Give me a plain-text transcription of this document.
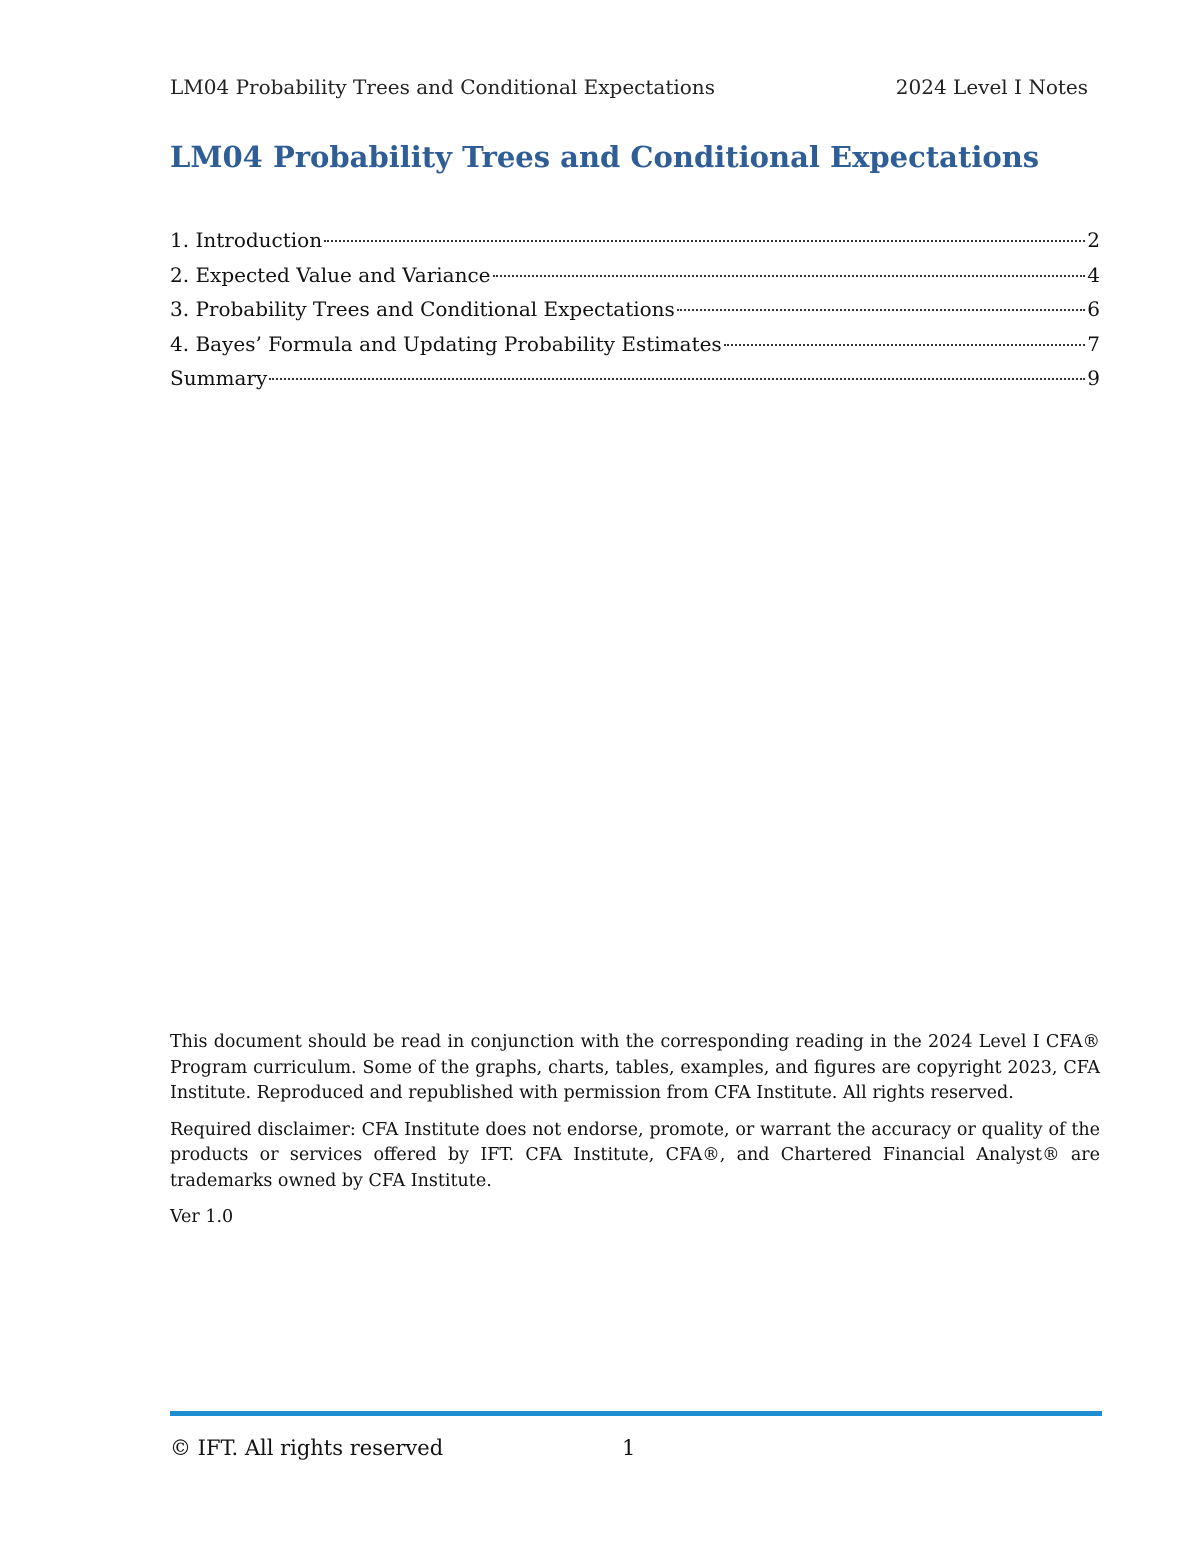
LM04 Probability Trees and Conditional Expectations	2024 Level I Notes
LM04 Probability Trees and Conditional Expectations
1. Introduction	2
2. Expected Value and Variance	4
3. Probability Trees and Conditional Expectations	6
4. Bayes’ Formula and Updating Probability Estimates	7
Summary	9

This document should be read in conjunction with the corresponding reading in the 2024 Level I CFA® Program curriculum. Some of the graphs, charts, tables, examples, and figures are copyright 2023, CFA Institute. Reproduced and republished with permission from CFA Institute. All rights reserved.

Required disclaimer: CFA Institute does not endorse, promote, or warrant the accuracy or quality of the products or services offered by IFT. CFA Institute, CFA®, and Chartered Financial Analyst® are trademarks owned by CFA Institute.

Ver 1.0

© IFT. All rights reserved	1
